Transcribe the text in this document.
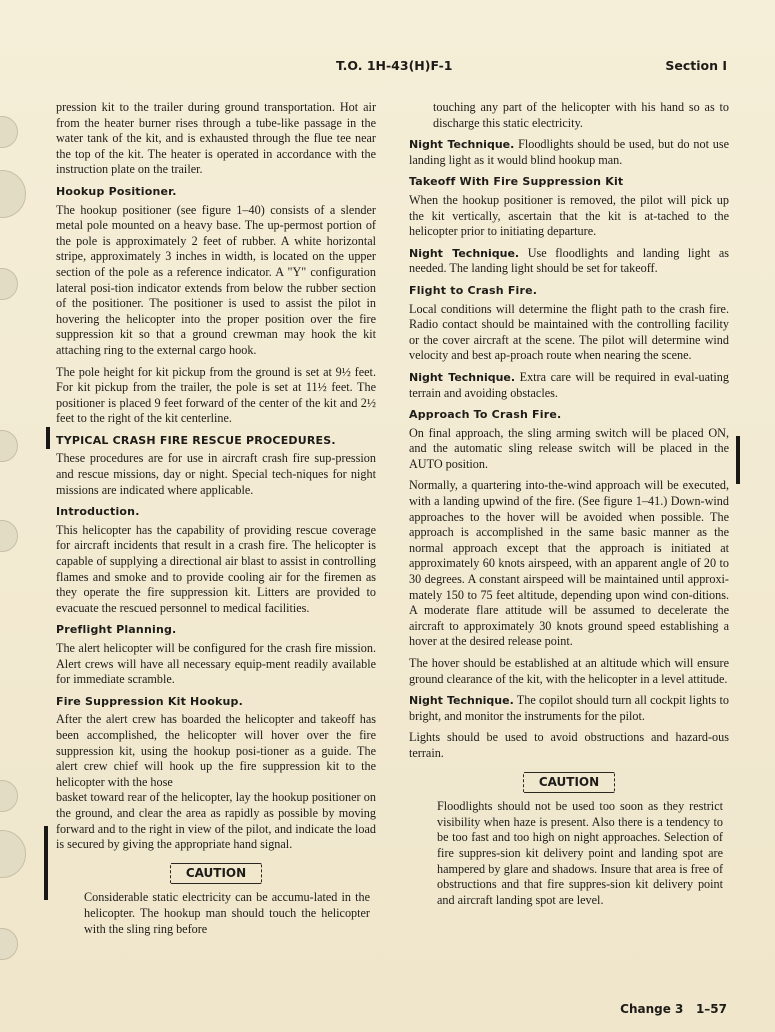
T.O. 1H-43(H)F-1	Section I

pression kit to the trailer during ground transportation. Hot air from the heater burner rises through a tube-like passage in the water tank of the kit, and is exhausted through the flue tee near the top of the kit. The heater is operated in accordance with the instruction plate on the trailer.

Hookup Positioner.

The hookup positioner (see figure 1–40) consists of a slender metal pole mounted on a heavy base. The up-permost portion of the pole is approximately 2 feet of rubber. A white horizontal stripe, approximately 3 inches in width, is located on the upper section of the pole as a reference indicator. A "Y" configuration lateral posi-tion indicator extends from below the rubber section of the positioner. The positioner is used to assist the pilot in hovering the helicopter into the proper position over the fire suppression kit so that a ground crewman may hook the kit attaching ring to the external cargo hook.

The pole height for kit pickup from the ground is set at 9½ feet. For kit pickup from the trailer, the pole is set at 11½ feet. The positioner is placed 9 feet forward of the center of the kit and 2½ feet to the right of the kit centerline.

TYPICAL CRASH FIRE RESCUE PROCEDURES.

These procedures are for use in aircraft crash fire sup-pression and rescue missions, day or night. Special tech-niques for night missions are indicated where applicable.

Introduction.

This helicopter has the capability of providing rescue coverage for aircraft incidents that result in a crash fire. The helicopter is capable of supplying a directional air blast to assist in controlling flames and smoke and to provide cooling air for the firemen as they operate the fire suppression kit. Litters are provided to evacuate the rescued personnel to medical facilities.

Preflight Planning.

The alert helicopter will be configured for the crash fire mission. Alert crews will have all necessary equip-ment readily available for immediate scramble.

Fire Suppression Kit Hookup.

After the alert crew has boarded the helicopter and takeoff has been accomplished, the helicopter will hover over the fire suppression kit, using the hookup posi-tioner as a guide. The alert crew chief will hook up the fire suppression kit to the helicopter with the hose

basket toward rear of the helicopter, lay the hookup positioner on the ground, and clear the area as rapidly as possible by moving forward and to the right in view of the pilot, and indicate the load is secured by giving the appropriate hand signal.

CAUTION

Considerable static electricity can be accumu-lated in the helicopter. The hookup man should touch the helicopter with the sling ring before

touching any part of the helicopter with his hand so as to discharge this static electricity.

Night Technique. Floodlights should be used, but do not use landing light as it would blind hookup man.

Takeoff With Fire Suppression Kit

When the hookup positioner is removed, the pilot will pick up the kit vertically, ascertain that the kit is at-tached to the helicopter prior to initiating departure.

Night Technique. Use floodlights and landing light as needed. The landing light should be set for takeoff.

Flight to Crash Fire.

Local conditions will determine the flight path to the crash fire. Radio contact should be maintained with the controlling facility or the cover aircraft at the scene. The pilot will determine wind velocity and best ap-proach route when nearing the scene.

Night Technique. Extra care will be required in eval-uating terrain and avoiding obstacles.

Approach To Crash Fire.

On final approach, the sling arming switch will be placed ON, and the automatic sling release switch will be placed in the AUTO position.

Normally, a quartering into-the-wind approach will be executed, with a landing upwind of the fire. (See figure 1–41.) Down-wind approaches to the hover will be avoided when possible. The approach is accomplished in the same basic manner as the normal approach except that the approach is initiated at approximately 60 knots airspeed, with an apparent angle of 20 to 30 degrees. A constant airspeed will be maintained until approxi-mately 150 to 75 feet altitude, depending upon wind con-ditions. A moderate flare attitude will be assumed to decelerate the aircraft to approximately 30 knots ground speed establishing a hover at the desired release point.

The hover should be established at an altitude which will ensure ground clearance of the kit, with the helicopter in a level attitude.

Night Technique. The copilot should turn all cockpit lights to bright, and monitor the instruments for the pilot.

Lights should be used to avoid obstructions and hazard-ous terrain.

CAUTION

Floodlights should not be used too soon as they restrict visibility when haze is present. Also there is a tendency to be too fast and too high on night approaches. Selection of fire suppres-sion kit delivery point and landing spot are hampered by glare and shadows. Insure that area is free of obstructions and that fire suppres-sion kit delivery point and aircraft landing spot are level.

Change 3 1–57
